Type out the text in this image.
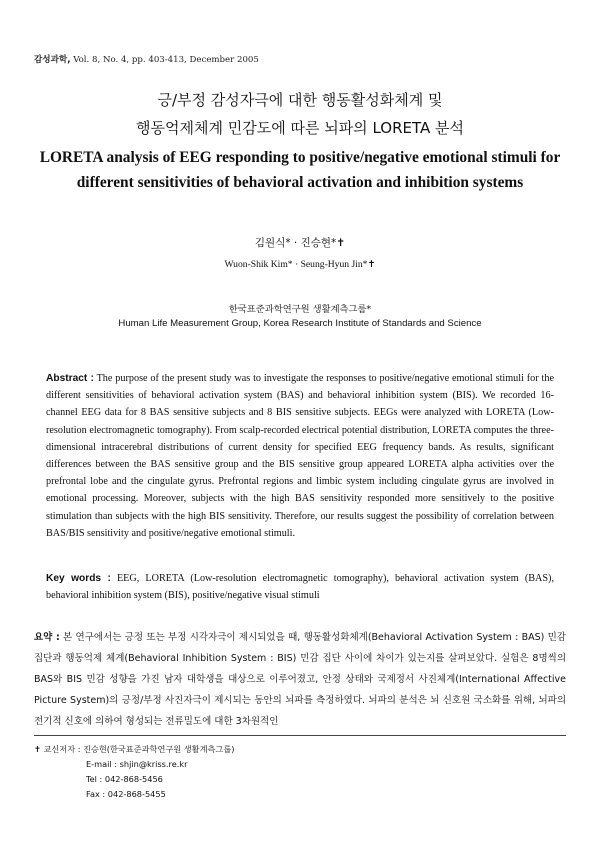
감성과학, Vol. 8, No. 4, pp. 403-413, December 2005
긍/부정 감성자극에 대한 행동활성화체계 및
행동억제체계 민감도에 따른 뇌파의 LORETA 분석
LORETA analysis of EEG responding to positive/negative emotional stimuli for
different sensitivities of behavioral activation and inhibition systems
김원식* · 진승현*✝
Wuon-Shik Kim* · Seung-Hyun Jin*✝
한국표준과학연구원 생활계측그룹*
Human Life Measurement Group, Korea Research Institute of Standards and Science
Abstract : The purpose of the present study was to investigate the responses to positive/negative emotional stimuli for the different sensitivities of behavioral activation system (BAS) and behavioral inhibition system (BIS). We recorded 16-channel EEG data for 8 BAS sensitive subjects and 8 BIS sensitive subjects. EEGs were analyzed with LORETA (Low-resolution electromagnetic tomography). From scalp-recorded electrical potential distribution, LORETA computes the three-dimensional intracerebral distributions of current density for specified EEG frequency bands. As results, significant differences between the BAS sensitive group and the BIS sensitive group appeared LORETA alpha activities over the prefrontal lobe and the cingulate gyrus. Prefrontal regions and limbic system including cingulate gyrus are involved in emotional processing. Moreover, subjects with the high BAS sensitivity responded more sensitively to the positive stimulation than subjects with the high BIS sensitivity. Therefore, our results suggest the possibility of correlation between BAS/BIS sensitivity and positive/negative emotional stimuli.
Key words : EEG, LORETA (Low-resolution electromagnetic tomography), behavioral activation system (BAS), behavioral inhibition system (BIS), positive/negative visual stimuli
요약 : 본 연구에서는 긍정 또는 부정 시각자극이 제시되었을 때, 행동활성화체계(Behavioral Activation System : BAS) 민감 집단과 행동억제 체계(Behavioral Inhibition System : BIS) 민감 집단 사이에 차이가 있는지를 살펴보았다. 실험은 8명씩의 BAS와 BIS 민감 성향을 가진 남자 대학생을 대상으로 이루어졌고, 안정 상태와 국제정서 사진체계(International Affective Picture System)의 긍정/부정 사진자극이 제시되는 동안의 뇌파를 측정하였다. 뇌파의 분석은 뇌 신호원 국소화를 위해, 뇌파의 전기적 신호에 의하여 형성되는 전류밀도에 대한 3차원적인
✝ 교신저자 : 진승현(한국표준과학연구원 생활계측그룹)
E-mail : shjin@kriss.re.kr
Tel : 042-868-5456
Fax : 042-868-5455
